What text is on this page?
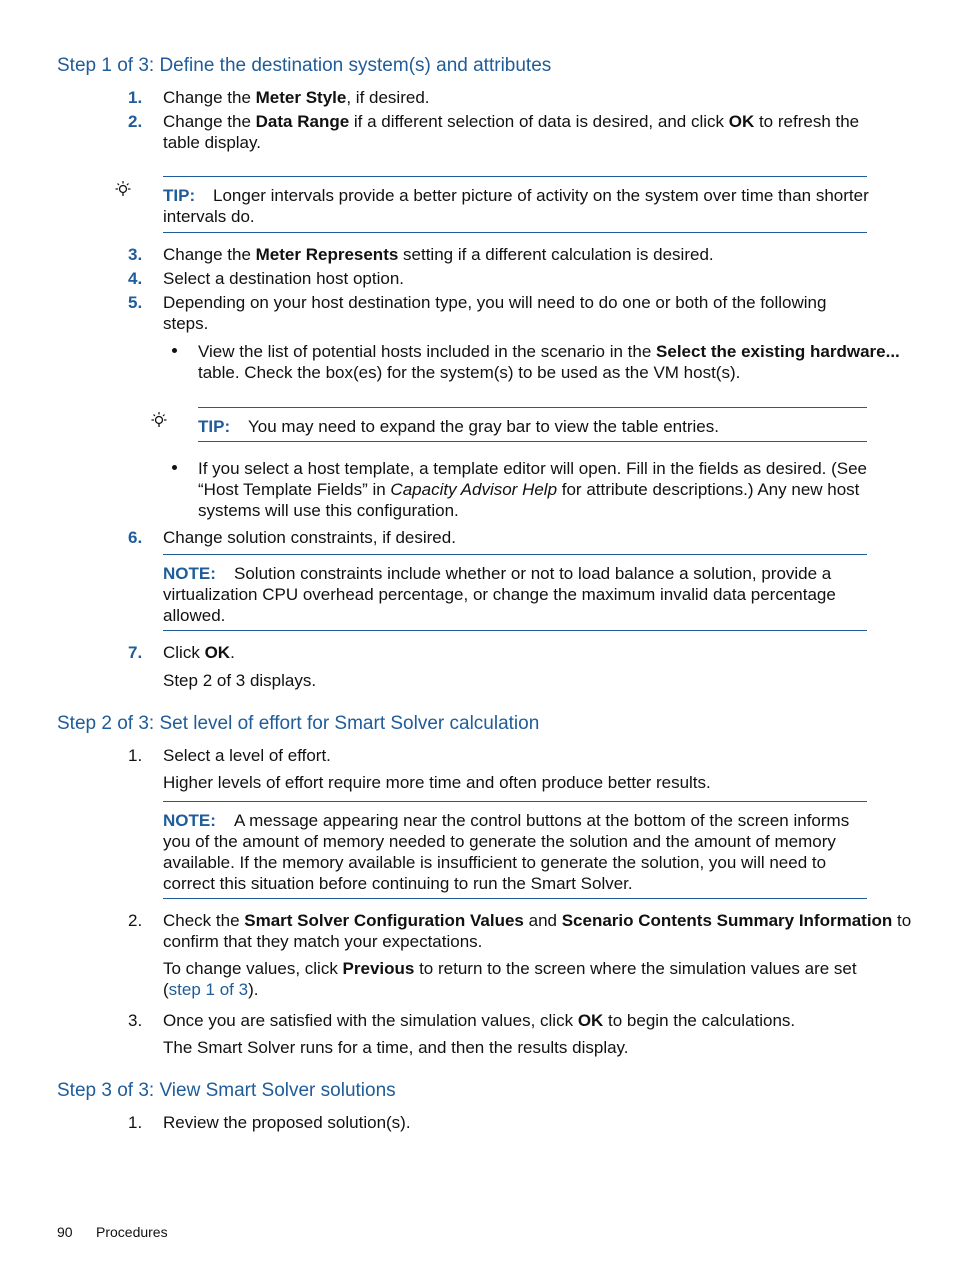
Step 1 of 3: Define the destination system(s) and attributes
1. Change the Meter Style, if desired.
2. Change the Data Range if a different selection of data is desired, and click OK to refresh the
table display.
TIP: Longer intervals provide a better picture of activity on the system over time than shorter
intervals do.
3. Change the Meter Represents setting if a different calculation is desired.
4. Select a destination host option.
5. Depending on your host destination type, you will need to do one or both of the following
steps.
View the list of potential hosts included in the scenario in the Select the existing hardware...
table. Check the box(es) for the system(s) to be used as the VM host(s).
TIP: You may need to expand the gray bar to view the table entries.
If you select a host template, a template editor will open. Fill in the fields as desired. (See
“Host Template Fields” in Capacity Advisor Help for attribute descriptions.) Any new host
systems will use this configuration.
6. Change solution constraints, if desired.
NOTE: Solution constraints include whether or not to load balance a solution, provide a
virtualization CPU overhead percentage, or change the maximum invalid data percentage
allowed.
7. Click OK.
Step 2 of 3 displays.
Step 2 of 3: Set level of effort for Smart Solver calculation
1. Select a level of effort.
Higher levels of effort require more time and often produce better results.
NOTE: A message appearing near the control buttons at the bottom of the screen informs
you of the amount of memory needed to generate the solution and the amount of memory
available. If the memory available is insufficient to generate the solution, you will need to
correct this situation before continuing to run the Smart Solver.
2. Check the Smart Solver Configuration Values and Scenario Contents Summary Information to
confirm that they match your expectations.
To change values, click Previous to return to the screen where the simulation values are set
(step 1 of 3).
3. Once you are satisfied with the simulation values, click OK to begin the calculations.
The Smart Solver runs for a time, and then the results display.
Step 3 of 3: View Smart Solver solutions
1. Review the proposed solution(s).
90 Procedures
